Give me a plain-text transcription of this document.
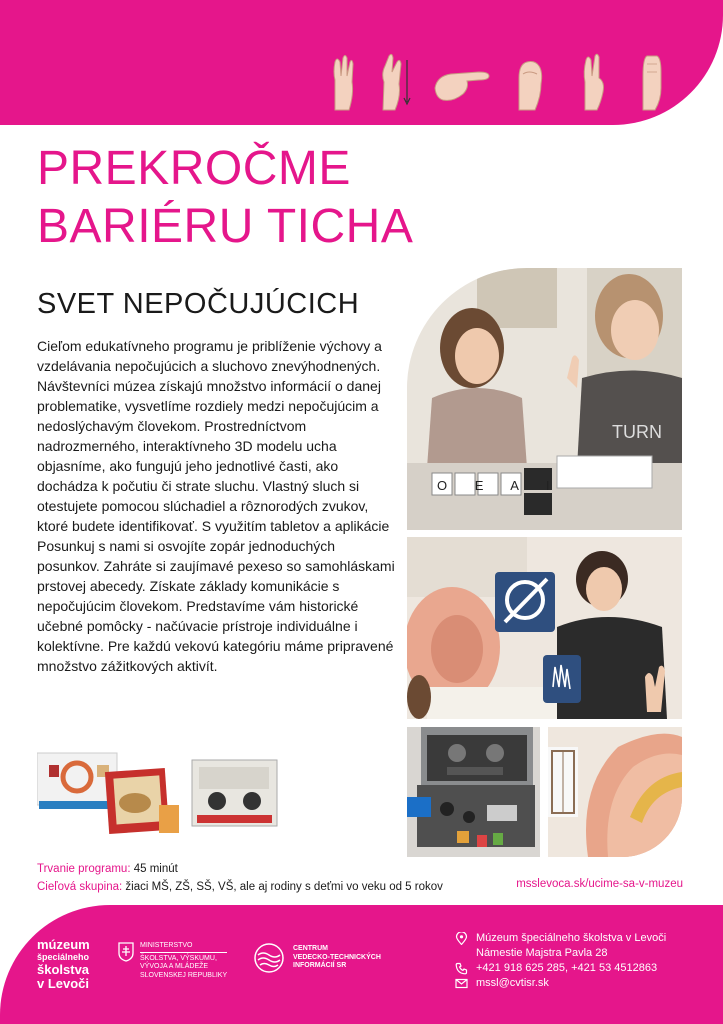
PREKROČME
BARIÉRU TICHA
SVET NEPOČUJÚCICH

Cieľom edukatívneho programu je priblíženie výchovy a vzdelávania nepočujúcich a sluchovo znevýhodnených. Návštevníci múzea získajú množstvo informácií o danej problematike, vysvetlíme rozdiely medzi nepočujúcim a nedoslýchavým človekom. Prostredníctvom nadrozmerného, interaktívneho 3D modelu ucha objasníme, ako fungujú jeho jednotlivé časti, ako dochádza k počutiu či strate sluchu. Vlastný sluch si otestujete pomocou slúchadiel a rôznorodých zvukov, ktoré budete identifikovať. S využitím tabletov a aplikácie Posunkuj s nami si osvojíte zopár jednoduchých posunkov. Zahráte si zaujímavé pexeso so samohláskami prstovej abecedy. Získate základy komunikácie s nepočujúcim človekom. Predstavíme vám historické učebné pomôcky - načúvacie prístroje individuálne i kolektívne. Pre každú vekovú kategóriu máme pripravené množstvo zážitkových aktivít.

TURN
O E A I
Trvanie programu: 45 minút
Cieľová skupina: žiaci MŠ, ZŠ, SŠ, VŠ, ale aj rodiny s deťmi vo veku od 5 rokov	msslevoca.sk/ucime-sa-v-muzeu
múzeum
špeciálneho
školstva
v Levoči
MINISTERSTVO
ŠKOLSTVA, VÝSKUMU,
VÝVOJA A MLÁDEŽE
SLOVENSKEJ REPUBLIKY
CENTRUM
VEDECKO-TECHNICKÝCH
INFORMÁCIÍ SR
Múzeum špeciálneho školstva v Levoči
Námestie Majstra Pavla 28
+421 918 625 285, +421 53 4512863
mssl@cvtisr.sk
